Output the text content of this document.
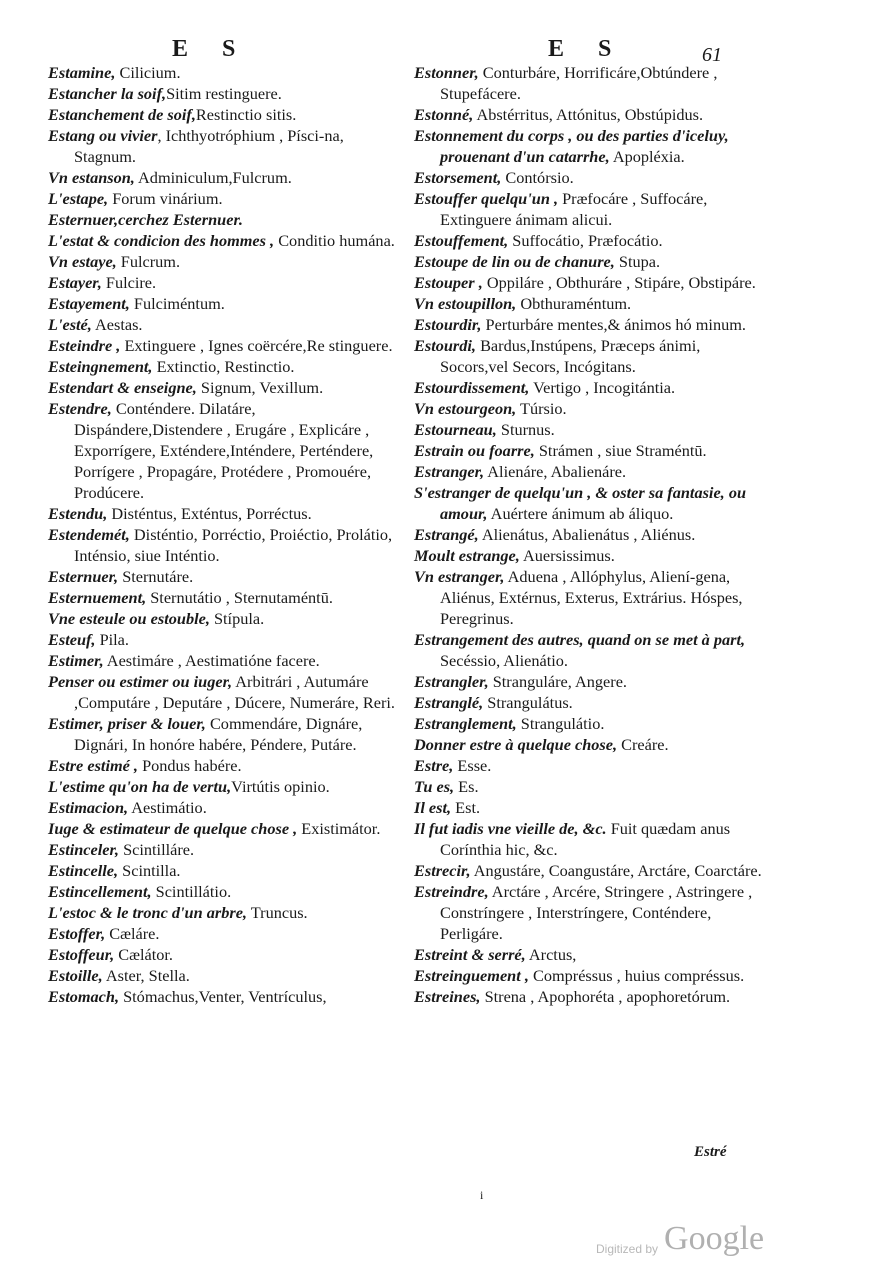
E S	E S	61

Estamine, Cilicium.

Estancher la soif,Sitim restinguere.

Estanchement de soif,Restinctio sitis.

Estang ou vivier, Ichthyotróphium , Písci-na, Stagnum.

Vn estanson, Adminiculum,Fulcrum.

L'estape, Forum vinárium.

Esternuer,cerchez Esternuer.

L'estat & condicion des hommes , Conditio humána.

Vn estaye, Fulcrum.

Estayer, Fulcire.

Estayement, Fulciméntum.

L'esté, Aestas.

Esteindre , Extinguere , Ignes coërcére,Re stinguere.

Esteingnement, Extinctio, Restinctio.

Estendart & enseigne, Signum, Vexillum.

Estendre, Conténdere. Dilatáre, Dispándere,Distendere , Erugáre , Explicáre , Exporrígere, Exténdere,Inténdere, Perténdere, Porrígere , Propagáre, Protédere , Promouére, Prodúcere.

Estendu, Disténtus, Exténtus, Porréctus.

Estendemét, Disténtio, Porréctio, Proiéctio, Prolátio, Inténsio, siue Inténtio.

Esternuer, Sternutáre.

Esternuement, Sternutátio , Sternutaméntū.

Vne esteule ou estouble, Stípula.

Esteuf, Pila.

Estimer, Aestimáre , Aestimatióne facere.

Penser ou estimer ou iuger, Arbitrári , Autumáre ,Computáre , Deputáre , Dúcere, Numeráre, Reri.

Estimer, priser & louer, Commendáre, Dignáre, Dignári, In honóre habére, Péndere, Putáre.

Estre estimé , Pondus habére.

L'estime qu'on ha de vertu,Virtútis opinio.

Estimacion, Aestimátio.

Iuge & estimateur de quelque chose , Existimátor.

Estinceler, Scintilláre.

Estincelle, Scintilla.

Estincellement, Scintillátio.

L'estoc & le tronc d'un arbre, Truncus.

Estoffer, Cæláre.

Estoffeur, Cælátor.

Estoille, Aster, Stella.

Estomach, Stómachus,Venter, Ventrículus,

Estonner, Conturbáre, Horrificáre,Obtúndere , Stupefácere.

Estonné, Abstérritus, Attónitus, Obstúpidus.

Estonnement du corps , ou des parties d'iceluy, prouenant d'un catarrhe, Apopléxia.

Estorsement, Contórsio.

Estouffer quelqu'un , Præfocáre , Suffocáre, Extinguere ánimam alicui.

Estouffement, Suffocátio, Præfocátio.

Estoupe de lin ou de chanure, Stupa.

Estouper , Oppiláre , Obthuráre , Stipáre, Obstipáre.

Vn estoupillon, Obthuraméntum.

Estourdir, Perturbáre mentes,& ánimos hó minum.

Estourdi, Bardus,Instúpens, Præceps ánimi, Socors,vel Secors, Incógitans.

Estourdissement, Vertigo , Incogitántia.

Vn estourgeon, Túrsio.

Estourneau, Sturnus.

Estrain ou foarre, Strámen , siue Straméntū.

Estranger, Alienáre, Abalienáre.

S'estranger de quelqu'un , & oster sa fantasie, ou amour, Auértere ánimum ab áliquo.

Estrangé, Alienátus, Abalienátus , Aliénus.

Moult estrange, Auersissimus.

Vn estranger, Aduena , Allóphylus, Aliení-gena, Aliénus, Extérnus, Exterus, Extrárius. Hóspes, Peregrinus.

Estrangement des autres, quand on se met à part, Secéssio, Alienátio.

Estrangler, Stranguláre, Angere.

Estranglé, Strangulátus.

Estranglement, Strangulátio.

Donner estre à quelque chose, Creáre.

Estre, Esse.

Tu es, Es.

Il est, Est.

Il fut iadis vne vieille de, &c. Fuit quædam anus Corínthia hic, &c.

Estrecir, Angustáre, Coangustáre, Arctáre, Coarctáre.

Estreindre, Arctáre , Arcére, Stringere , Astringere , Constríngere , Interstríngere, Conténdere, Perligáre.

Estreint & serré, Arctus,

Estreinguement , Compréssus , huius compréssus.

Estreines, Strena , Apophoréta , apophoretórum.

Estré
i
Digitized by Google
